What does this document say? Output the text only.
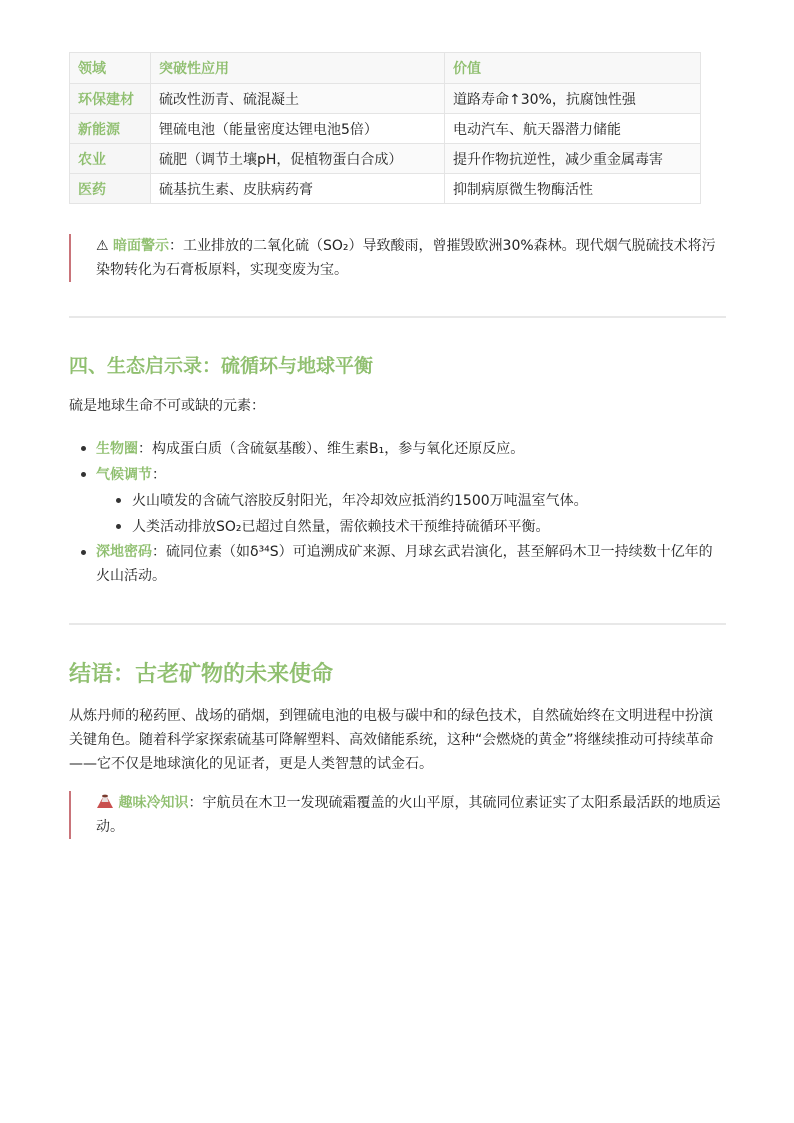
领域	突破性应用	价值
环保建材	硫改性沥青、硫混凝土	道路寿命↑30%，抗腐蚀性强
新能源	锂硫电池（能量密度达锂电池5倍）	电动汽车、航天器潜力储能
农业	硫肥（调节土壤pH，促植物蛋白合成）	提升作物抗逆性，减少重金属毒害
医药	硫基抗生素、皮肤病药膏	抑制病原微生物酶活性
⚠ 暗面警示：工业排放的二氧化硫（SO₂）导致酸雨，曾摧毁欧洲30%森林。现代烟气脱硫技术将污染物转化为石膏板原料，实现变废为宝。
四、生态启示录：硫循环与地球平衡

硫是地球生命不可或缺的元素：

生物圈：构成蛋白质（含硫氨基酸）、维生素B₁，参与氧化还原反应。
气候调节：
火山喷发的含硫气溶胶反射阳光，年冷却效应抵消约1500万吨温室气体。
人类活动排放SO₂已超过自然量，需依赖技术干预维持硫循环平衡。
深地密码：硫同位素（如δ³⁴S）可追溯成矿来源、月球玄武岩演化，甚至解码木卫一持续数十亿年的火山活动。
结语：古老矿物的未来使命

从炼丹师的秘药匣、战场的硝烟，到锂硫电池的电极与碳中和的绿色技术，自然硫始终在文明进程中扮演关键角色。随着科学家探索硫基可降解塑料、高效储能系统，这种“会燃烧的黄金”将继续推动可持续革命——它不仅是地球演化的见证者，更是人类智慧的试金石。

趣味冷知识：宇航员在木卫一发现硫霜覆盖的火山平原，其硫同位素证实了太阳系最活跃的地质运动。
